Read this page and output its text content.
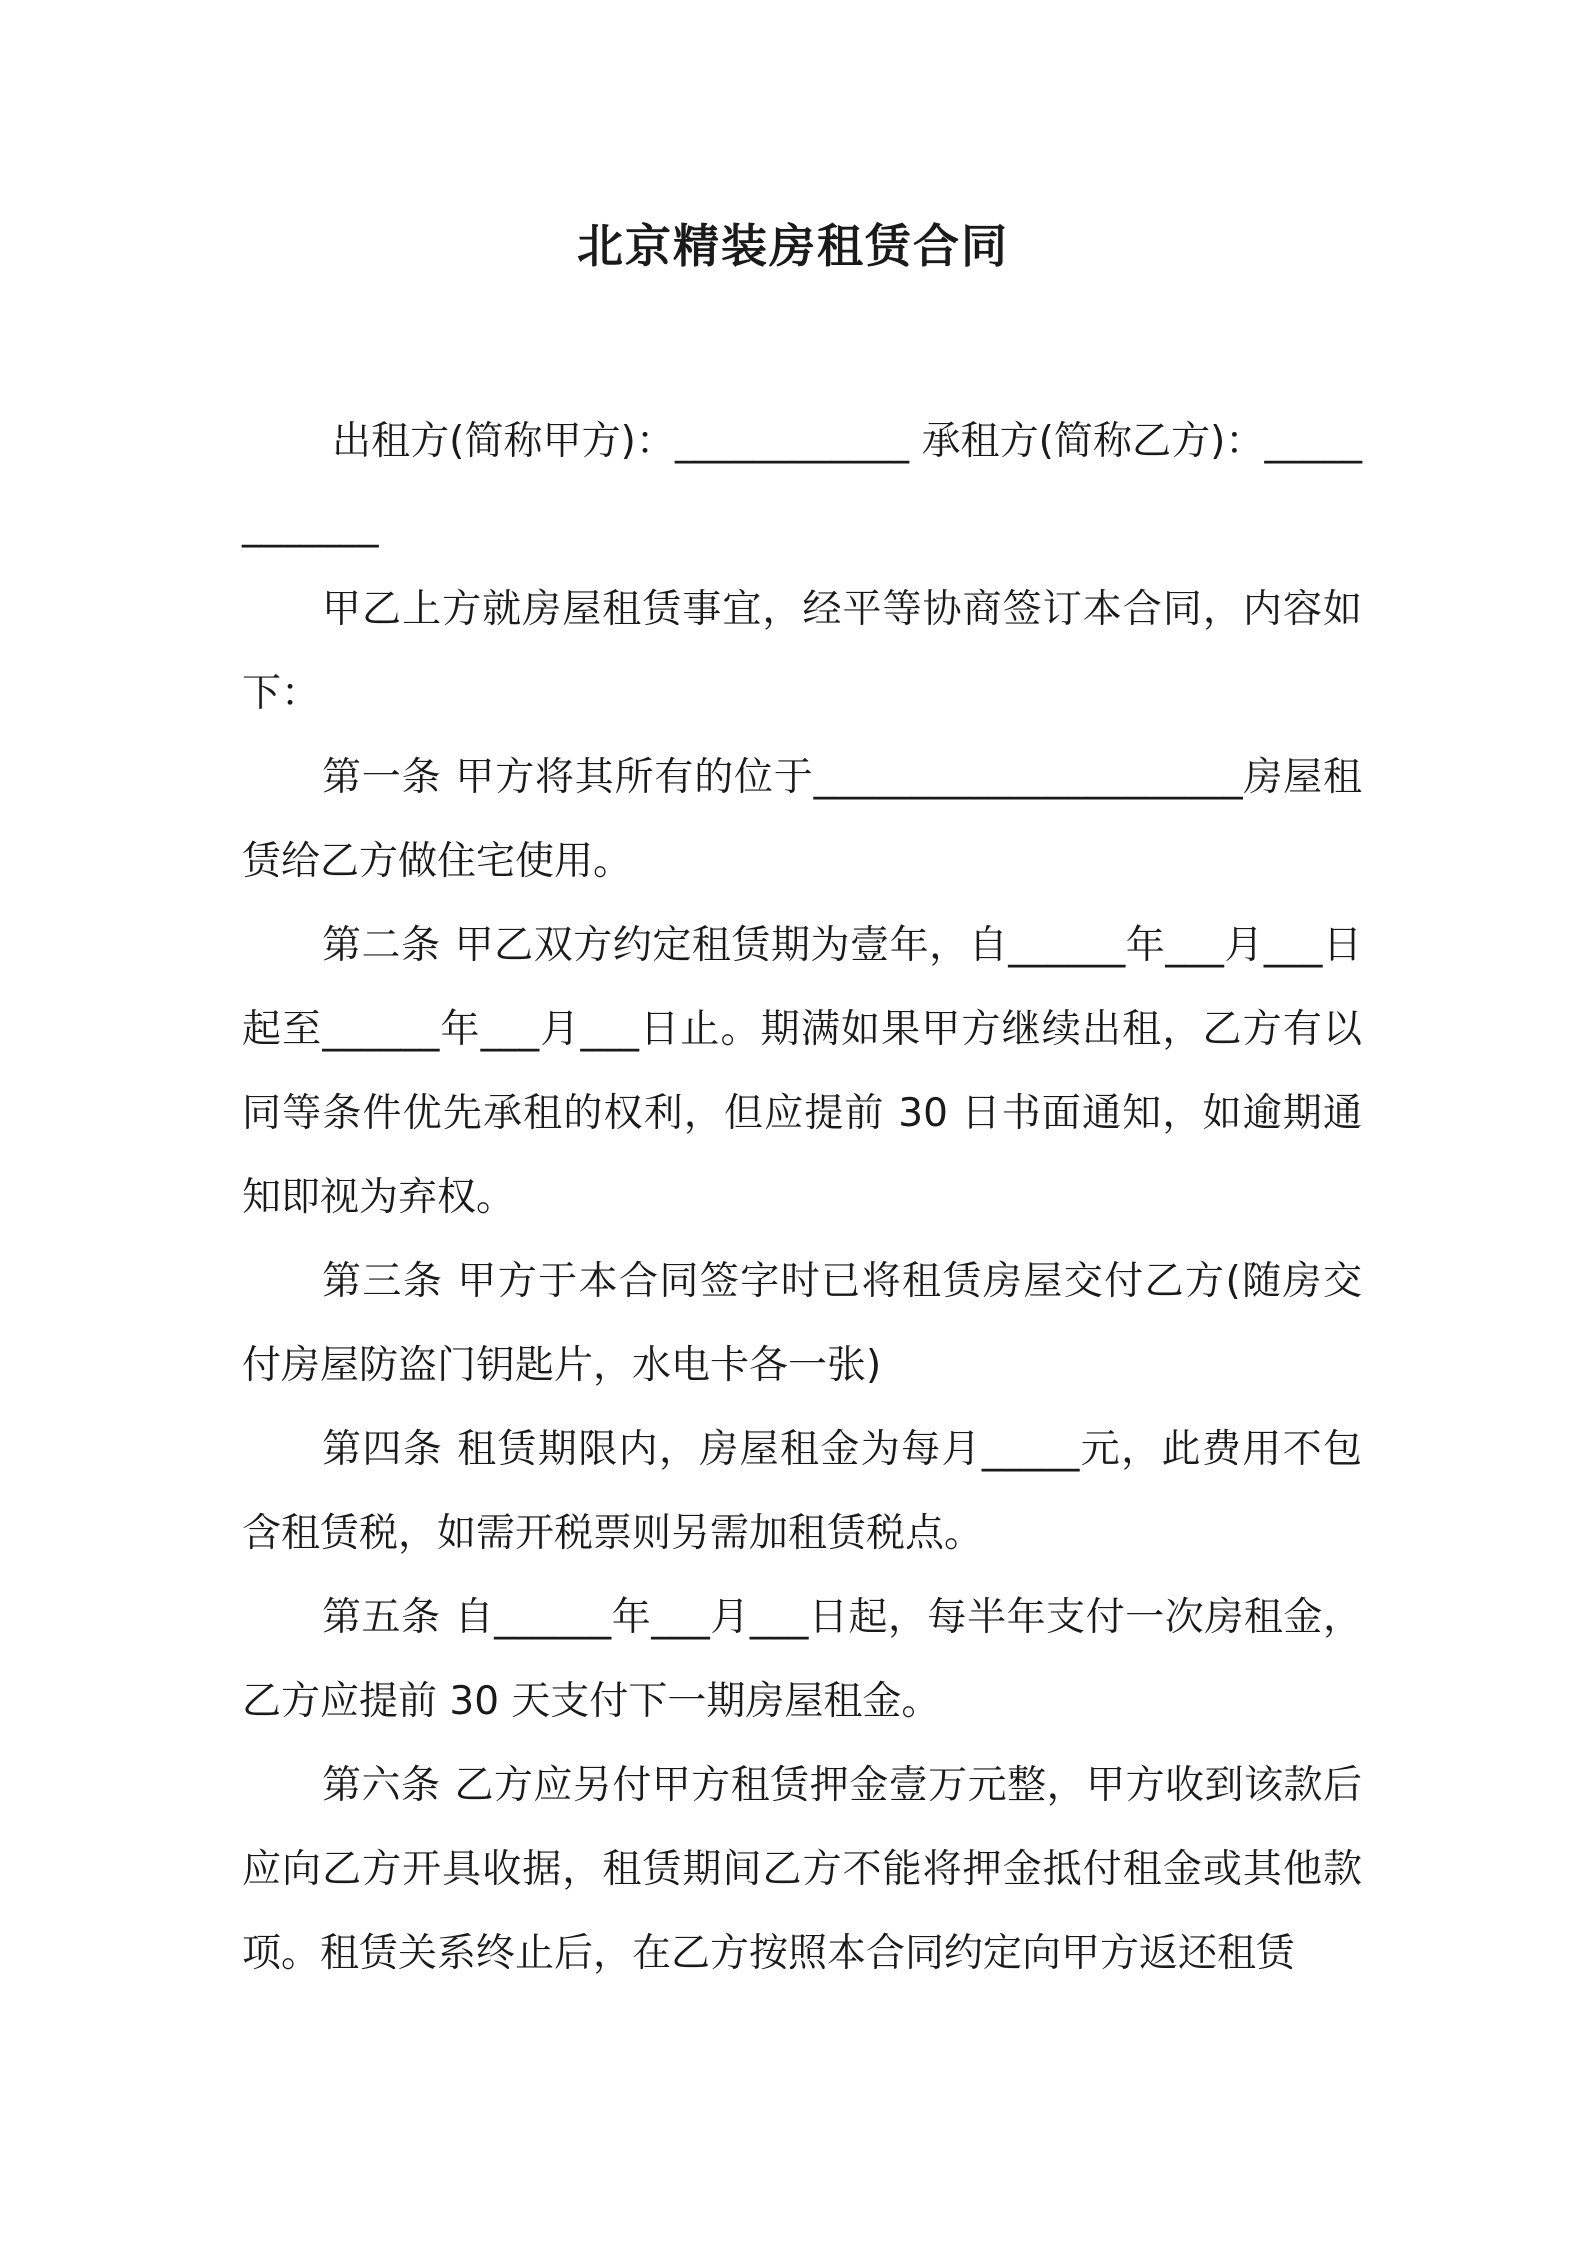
北京精装房租赁合同

出租方(简称甲方)：____________ 承租方(简称乙方)：____________

甲乙上方就房屋租赁事宜，经平等协商签订本合同，内容如下：

第一条 甲方将其所有的位于______________________房屋租赁给乙方做住宅使用。

第二条 甲乙双方约定租赁期为壹年，自______年___月___日起至______年___月___日止。期满如果甲方继续出租，乙方有以同等条件优先承租的权利，但应提前 30 日书面通知，如逾期通知即视为弃权。

第三条 甲方于本合同签字时已将租赁房屋交付乙方(随房交付房屋防盗门钥匙片，水电卡各一张)

第四条 租赁期限内，房屋租金为每月_____元，此费用不包含租赁税，如需开税票则另需加租赁税点。

第五条 自______年___月___日起，每半年支付一次房租金，乙方应提前 30 天支付下一期房屋租金。

第六条 乙方应另付甲方租赁押金壹万元整，甲方收到该款后应向乙方开具收据，租赁期间乙方不能将押金抵付租金或其他款项。租赁关系终止后，在乙方按照本合同约定向甲方返还租赁
